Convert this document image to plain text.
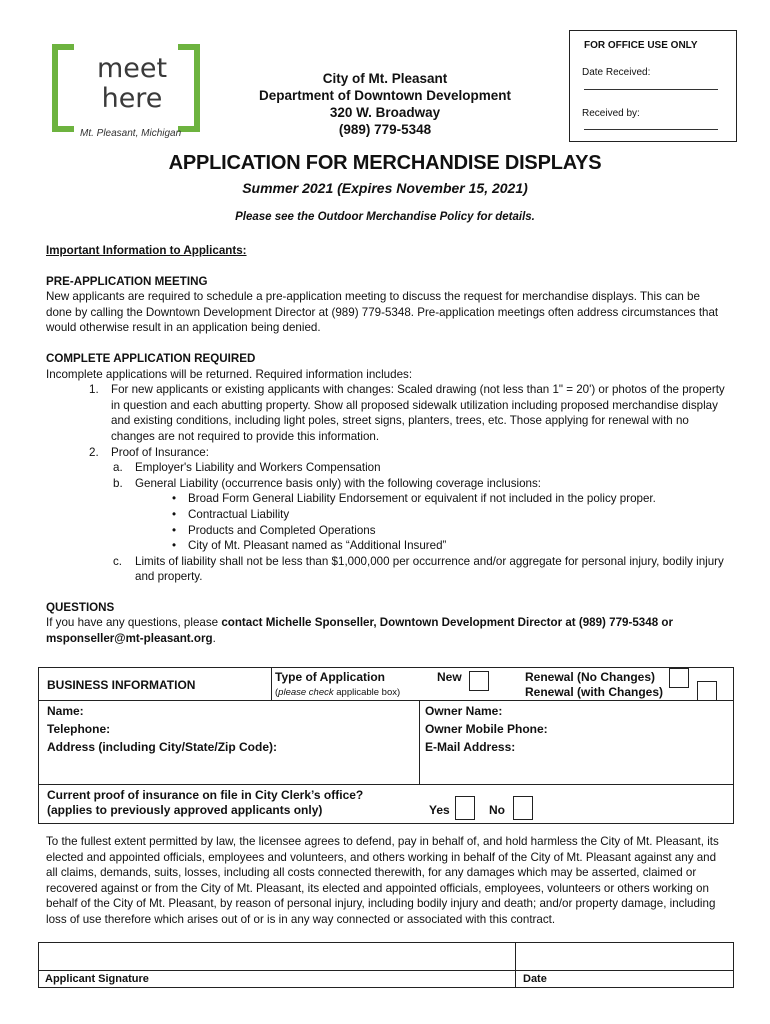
meet
here
Mt. Pleasant, Michigan
City of Mt. Pleasant
Department of Downtown Development
320 W. Broadway
(989) 779-5348
FOR OFFICE USE ONLY
Date Received:
Received by:
APPLICATION FOR MERCHANDISE DISPLAYS
Summer 2021 (Expires November 15, 2021)
Please see the Outdoor Merchandise Policy for details.

Important Information to Applicants:

PRE-APPLICATION MEETING

New applicants are required to schedule a pre-application meeting to discuss the request for merchandise displays. This can be done by calling the Downtown Development Director at (989) 779-5348. Pre-application meetings often address circumstances that would otherwise result in an application being denied.

COMPLETE APPLICATION REQUIRED

Incomplete applications will be returned. Required information includes:

1. For new applicants or existing applicants with changes: Scaled drawing (not less than 1" = 20') or photos of the property in question and each abutting property. Show all proposed sidewalk utilization including proposed merchandise display and existing conditions, including light poles, street signs, planters, trees, etc. Those applying for renewal with no changes are not required to provide this information.

2. Proof of Insurance:

a. Employer's Liability and Workers Compensation

b. General Liability (occurrence basis only) with the following coverage inclusions:

• Broad Form General Liability Endorsement or equivalent if not included in the policy proper.

• Contractual Liability

• Products and Completed Operations

• City of Mt. Pleasant named as “Additional Insured”

c. Limits of liability shall not be less than $1,000,000 per occurrence and/or aggregate for personal injury, bodily injury and property.

QUESTIONS

If you have any questions, please contact Michelle Sponseller, Downtown Development Director at (989) 779-5348 or msponseller@mt-pleasant.org.

BUSINESS INFORMATION
Type of Application
(please check applicable box)
New	Renewal (No Changes)
Renewal (with Changes)
Name:	Owner Name:
Telephone:	Owner Mobile Phone:
Address (including City/State/Zip Code):	E-Mail Address:
Current proof of insurance on file in City Clerk’s office?
(applies to previously approved applicants only)	Yes	No
To the fullest extent permitted by law, the licensee agrees to defend, pay in behalf of, and hold harmless the City of Mt. Pleasant, its elected and appointed officials, employees and volunteers, and others working in behalf of the City of Mt. Pleasant against any and all claims, demands, suits, losses, including all costs connected therewith, for any damages which may be asserted, claimed or recovered against or from the City of Mt. Pleasant, its elected and appointed officials, employees, volunteers or others working on behalf of the City of Mt. Pleasant, by reason of personal injury, including bodily injury and death; and/or property damage, including loss of use therefore which arises out of or is in any way connected or associated with this contract.
Applicant Signature	Date
